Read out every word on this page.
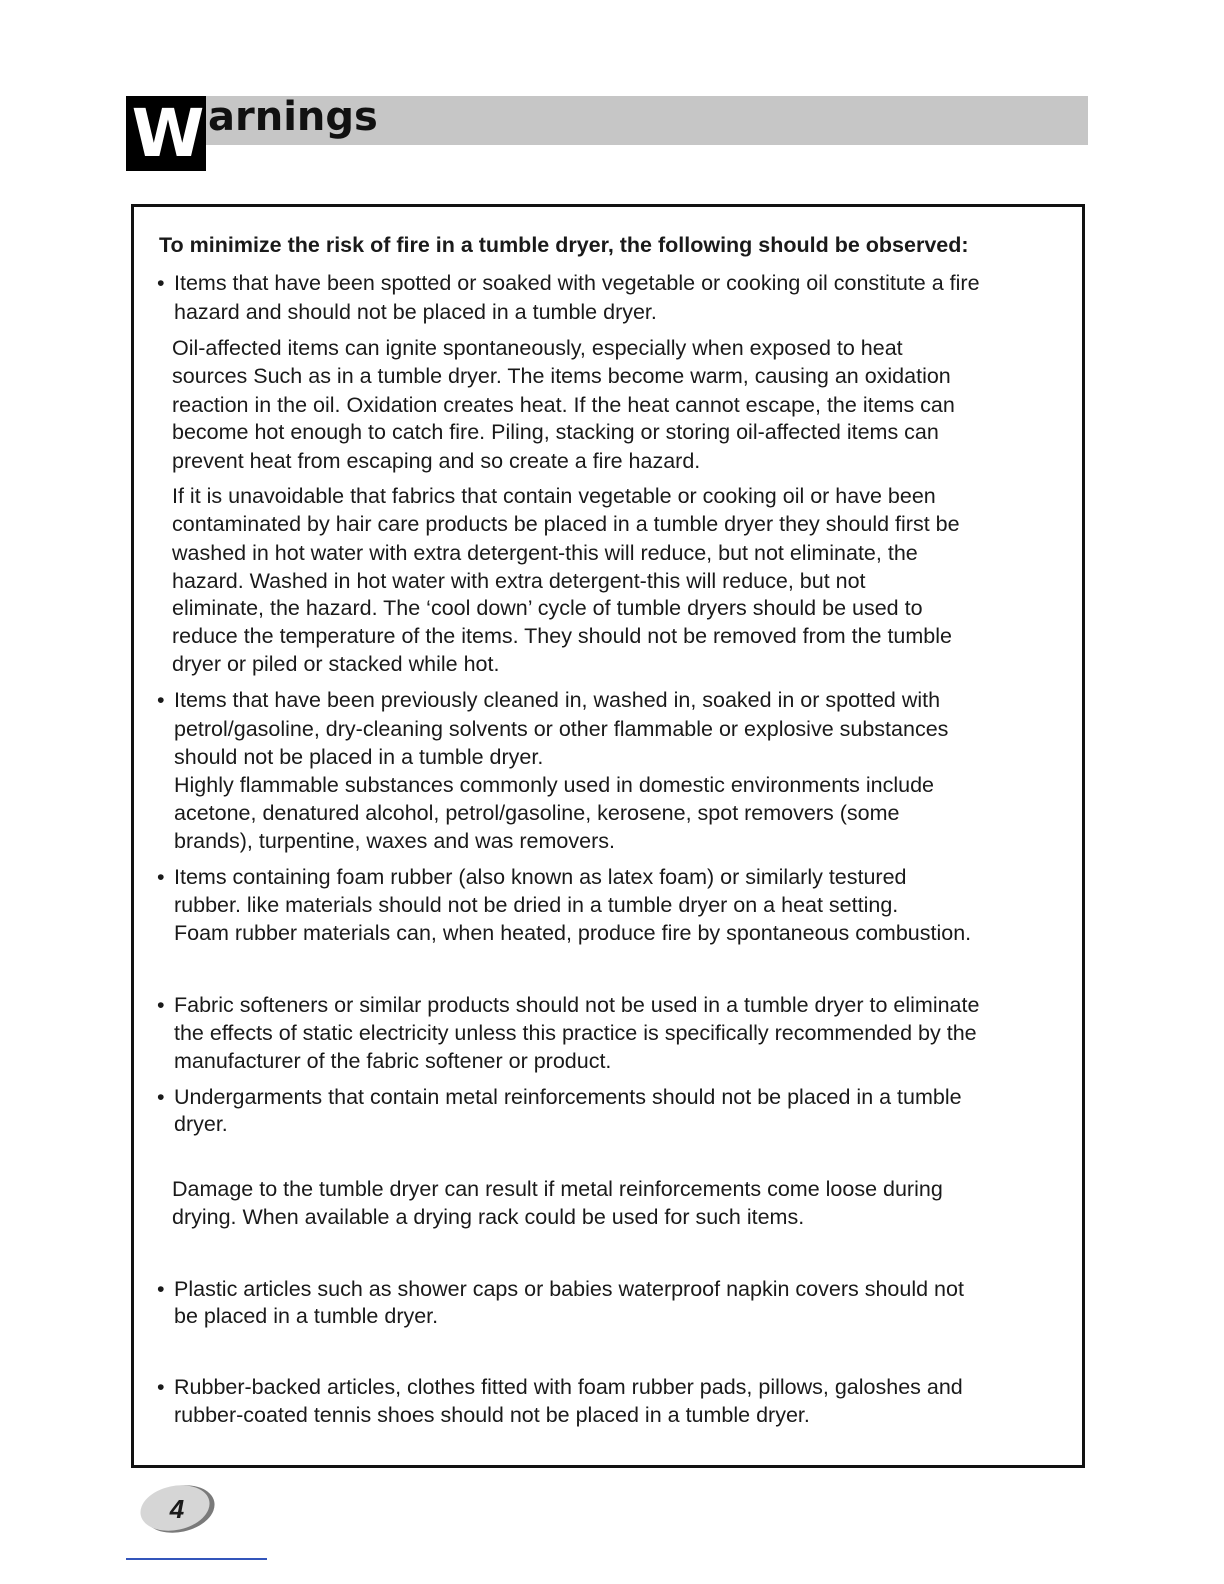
W arnings
To minimize the risk of fire in a tumble dryer, the following should be observed:
•
•
•
•
•
•
•
Items that have been spotted or soaked with vegetable or cooking oil constitute a fire
hazard and should not be placed in a tumble dryer.
Oil-affected items can ignite spontaneously, especially when exposed to heat
sources Such as in a tumble dryer. The items become warm, causing an oxidation
reaction in the oil. Oxidation creates heat. If the heat cannot escape, the items can
become hot enough to catch fire. Piling, stacking or storing oil-affected items can
prevent heat from escaping and so create a fire hazard.
If it is unavoidable that fabrics that contain vegetable or cooking oil or have been
contaminated by hair care products be placed in a tumble dryer they should first be
washed in hot water with extra detergent-this will reduce, but not eliminate, the
hazard. Washed in hot water with extra detergent-this will reduce, but not
eliminate, the hazard. The ‘cool down’ cycle of tumble dryers should be used to
reduce the temperature of the items. They should not be removed from the tumble
dryer or piled or stacked while hot.
Items that have been previously cleaned in, washed in, soaked in or spotted with
petrol/gasoline, dry-cleaning solvents or other flammable or explosive substances
should not be placed in a tumble dryer.
Highly flammable substances commonly used in domestic environments include
acetone, denatured alcohol, petrol/gasoline, kerosene, spot removers (some
brands), turpentine, waxes and was removers.
Items containing foam rubber (also known as latex foam) or similarly testured
rubber. like materials should not be dried in a tumble dryer on a heat setting.
Foam rubber materials can, when heated, produce fire by spontaneous combustion.
Fabric softeners or similar products should not be used in a tumble dryer to eliminate
the effects of static electricity unless this practice is specifically recommended by the
manufacturer of the fabric softener or product.
Undergarments that contain metal reinforcements should not be placed in a tumble
dryer.
Damage to the tumble dryer can result if metal reinforcements come loose during
drying. When available a drying rack could be used for such items.
Plastic articles such as shower caps or babies waterproof napkin covers should not
be placed in a tumble dryer.
Rubber-backed articles, clothes fitted with foam rubber pads, pillows, galoshes and
rubber-coated tennis shoes should not be placed in a tumble dryer.
4
